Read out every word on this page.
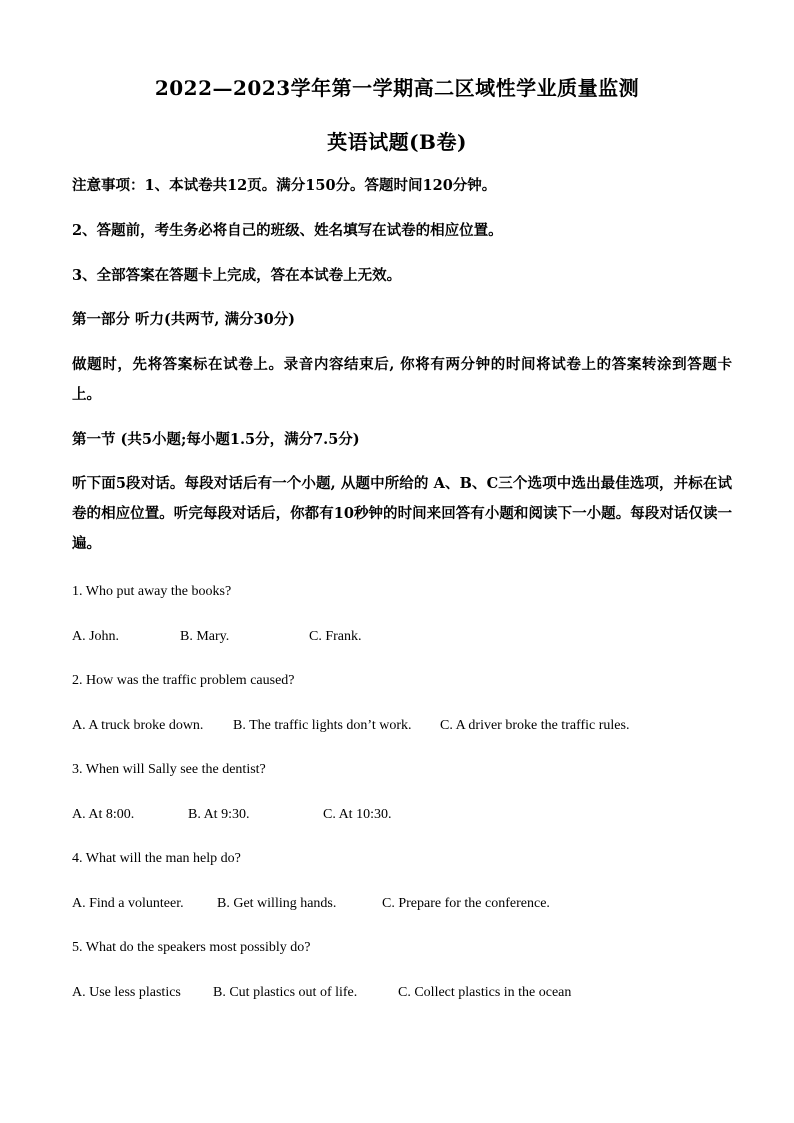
2022—2023学年第一学期高二区域性学业质量监测
英语试题(B卷)
注意事项：1、本试卷共12页。满分150分。答题时间120分钟。
2、答题前，考生务必将自己的班级、姓名填写在试卷的相应位置。
3、全部答案在答题卡上完成，答在本试卷上无效。
第一部分 听力(共两节, 满分30分)
做题时，先将答案标在试卷上。录音内容结束后, 你将有两分钟的时间将试卷上的答案转涂到答题卡上。
第一节 (共5小题;每小题1.5分，满分7.5分)
听下面5段对话。每段对话后有一个小题, 从题中所给的 A、B、C三个选项中选出最佳选项，并标在试卷的相应位置。听完每段对话后，你都有10秒钟的时间来回答有小题和阅读下一小题。每段对话仅读一遍。
1. Who put away the books?
A. John.	B. Mary.	C. Frank.
2. How was the traffic problem caused?
A. A truck broke down. B. The traffic lights don’t work. C. A driver broke the traffic rules.
3. When will Sally see the dentist?
A. At 8:00.	B. At 9:30.	C. At 10:30.
4. What will the man help do?
A. Find a volunteer. B. Get willing hands.	C. Prepare for the conference.
5. What do the speakers most possibly do?
A. Use less plastics B. Cut plastics out of life.	C. Collect plastics in the ocean
